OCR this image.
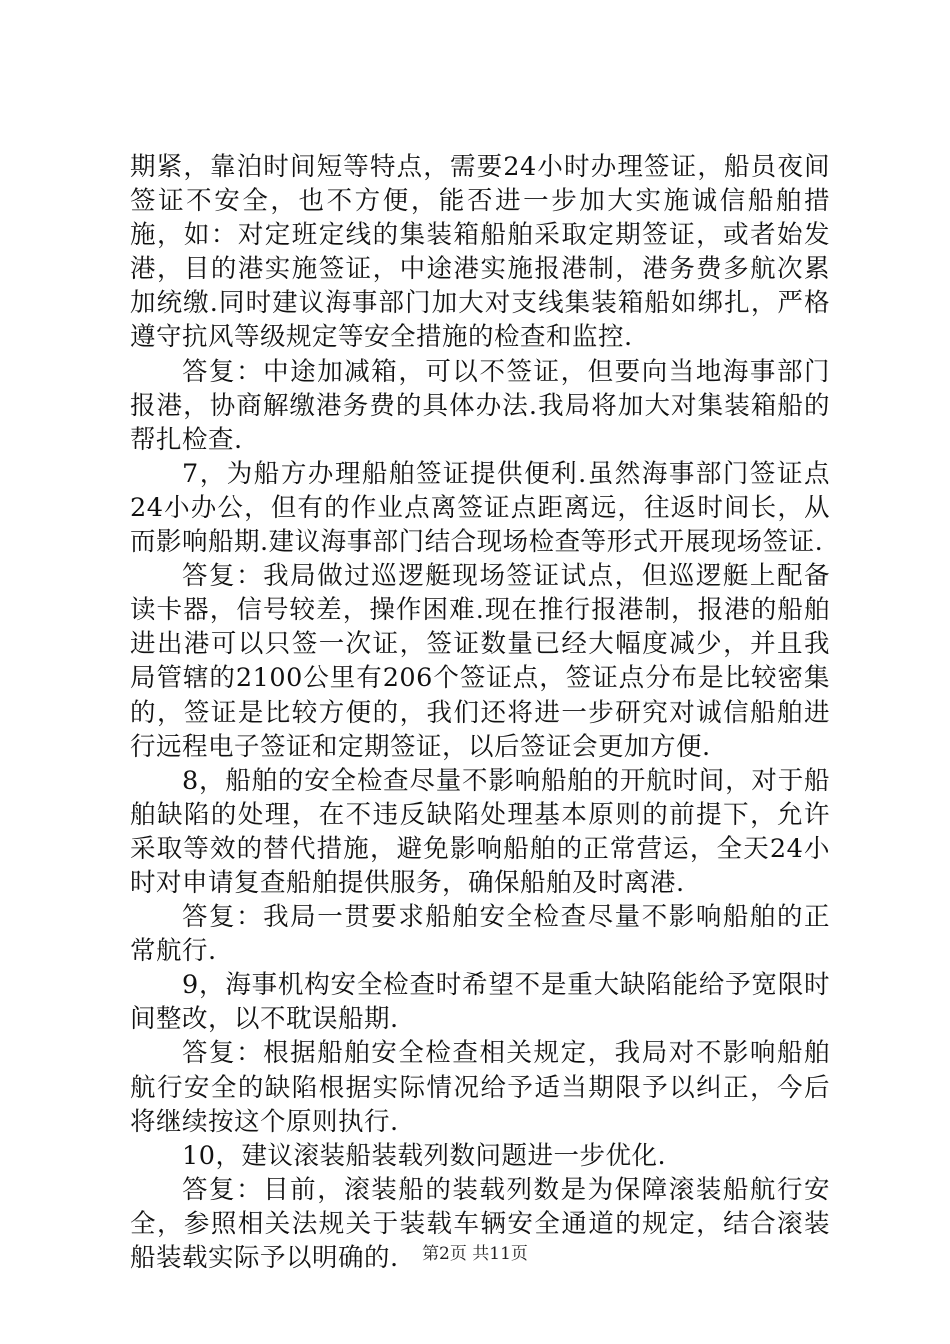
期紧，靠泊时间短等特点，需要24小时办理签证，船员夜间签证不安全，也不方便，能否进一步加大实施诚信船舶措施，如：对定班定线的集装箱船舶采取定期签证，或者始发港，目的港实施签证，中途港实施报港制，港务费多航次累加统缴.同时建议海事部门加大对支线集装箱船如绑扎，严格遵守抗风等级规定等安全措施的检查和监控.

答复：中途加减箱，可以不签证，但要向当地海事部门报港，协商解缴港务费的具体办法.我局将加大对集装箱船的帮扎检查.

7，为船方办理船舶签证提供便利.虽然海事部门签证点24小办公，但有的作业点离签证点距离远，往返时间长，从而影响船期.建议海事部门结合现场检查等形式开展现场签证.

答复：我局做过巡逻艇现场签证试点，但巡逻艇上配备读卡器，信号较差，操作困难.现在推行报港制，报港的船舶进出港可以只签一次证，签证数量已经大幅度减少，并且我局管辖的2100公里有206个签证点，签证点分布是比较密集的，签证是比较方便的，我们还将进一步研究对诚信船舶进行远程电子签证和定期签证，以后签证会更加方便.

8，船舶的安全检查尽量不影响船舶的开航时间，对于船舶缺陷的处理，在不违反缺陷处理基本原则的前提下，允许采取等效的替代措施，避免影响船舶的正常营运，全天24小时对申请复查船舶提供服务，确保船舶及时离港.

答复：我局一贯要求船舶安全检查尽量不影响船舶的正常航行.

9，海事机构安全检查时希望不是重大缺陷能给予宽限时间整改，以不耽误船期.

答复：根据船舶安全检查相关规定，我局对不影响船舶航行安全的缺陷根据实际情况给予适当期限予以纠正，今后将继续按这个原则执行.

10，建议滚装船装载列数问题进一步优化.

答复：目前，滚装船的装载列数是为保障滚装船航行安全，参照相关法规关于装载车辆安全通道的规定，结合滚装船装载实际予以明确的.	第2页 共11页
